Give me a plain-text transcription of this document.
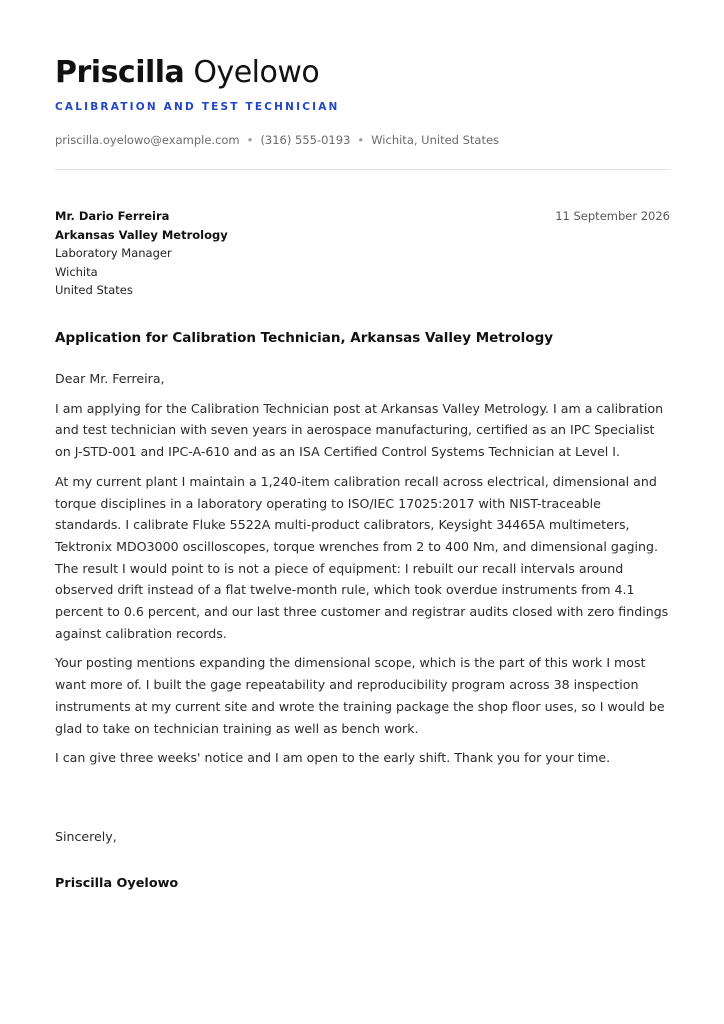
Priscilla Oyelowo
CALIBRATION AND TEST TECHNICIAN
priscilla.oyelowo@example.com • (316) 555-0193 • Wichita, United States
Mr. Dario Ferreira
Arkansas Valley Metrology
Laboratory Manager
Wichita
United States
11 September 2026
Application for Calibration Technician, Arkansas Valley Metrology

Dear Mr. Ferreira,

I am applying for the Calibration Technician post at Arkansas Valley Metrology. I am a calibration and test technician with seven years in aerospace manufacturing, certified as an IPC Specialist on J-STD-001 and IPC-A-610 and as an ISA Certified Control Systems Technician at Level I.

At my current plant I maintain a 1,240-item calibration recall across electrical, dimensional and torque disciplines in a laboratory operating to ISO/IEC 17025:2017 with NIST-traceable standards. I calibrate Fluke 5522A multi-product calibrators, Keysight 34465A multimeters, Tektronix MDO3000 oscilloscopes, torque wrenches from 2 to 400 Nm, and dimensional gaging. The result I would point to is not a piece of equipment: I rebuilt our recall intervals around observed drift instead of a flat twelve-month rule, which took overdue instruments from 4.1 percent to 0.6 percent, and our last three customer and registrar audits closed with zero findings against calibration records.

Your posting mentions expanding the dimensional scope, which is the part of this work I most want more of. I built the gage repeatability and reproducibility program across 38 inspection instruments at my current site and wrote the training package the shop floor uses, so I would be glad to take on technician training as well as bench work.

I can give three weeks' notice and I am open to the early shift. Thank you for your time.

Sincerely,
Priscilla Oyelowo
